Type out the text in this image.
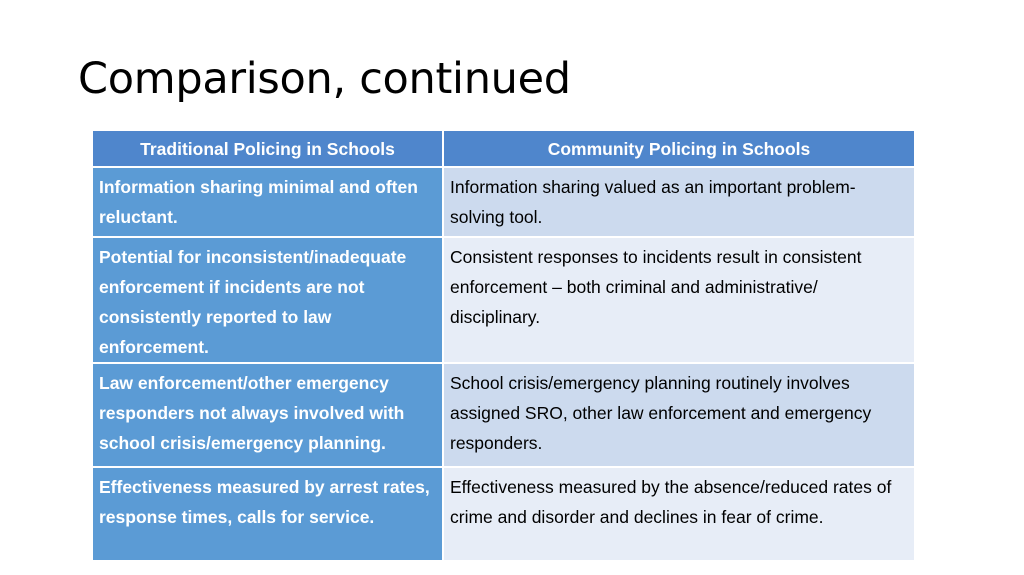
Comparison, continued
Traditional Policing in Schools	Community Policing in Schools
Information sharing minimal and often reluctant.	Information sharing valued as an important problem-solving tool.
Potential for inconsistent/inadequate enforcement if incidents are not consistently reported to law enforcement.	Consistent responses to incidents result in consistent enforcement – both criminal and administrative/ disciplinary.
Law enforcement/other emergency responders not always involved with school crisis/emergency planning.	School crisis/emergency planning routinely involves assigned SRO, other law enforcement and emergency responders.
Effectiveness measured by arrest rates, response times, calls for service.	Effectiveness measured by the absence/reduced rates of crime and disorder and declines in fear of crime.
